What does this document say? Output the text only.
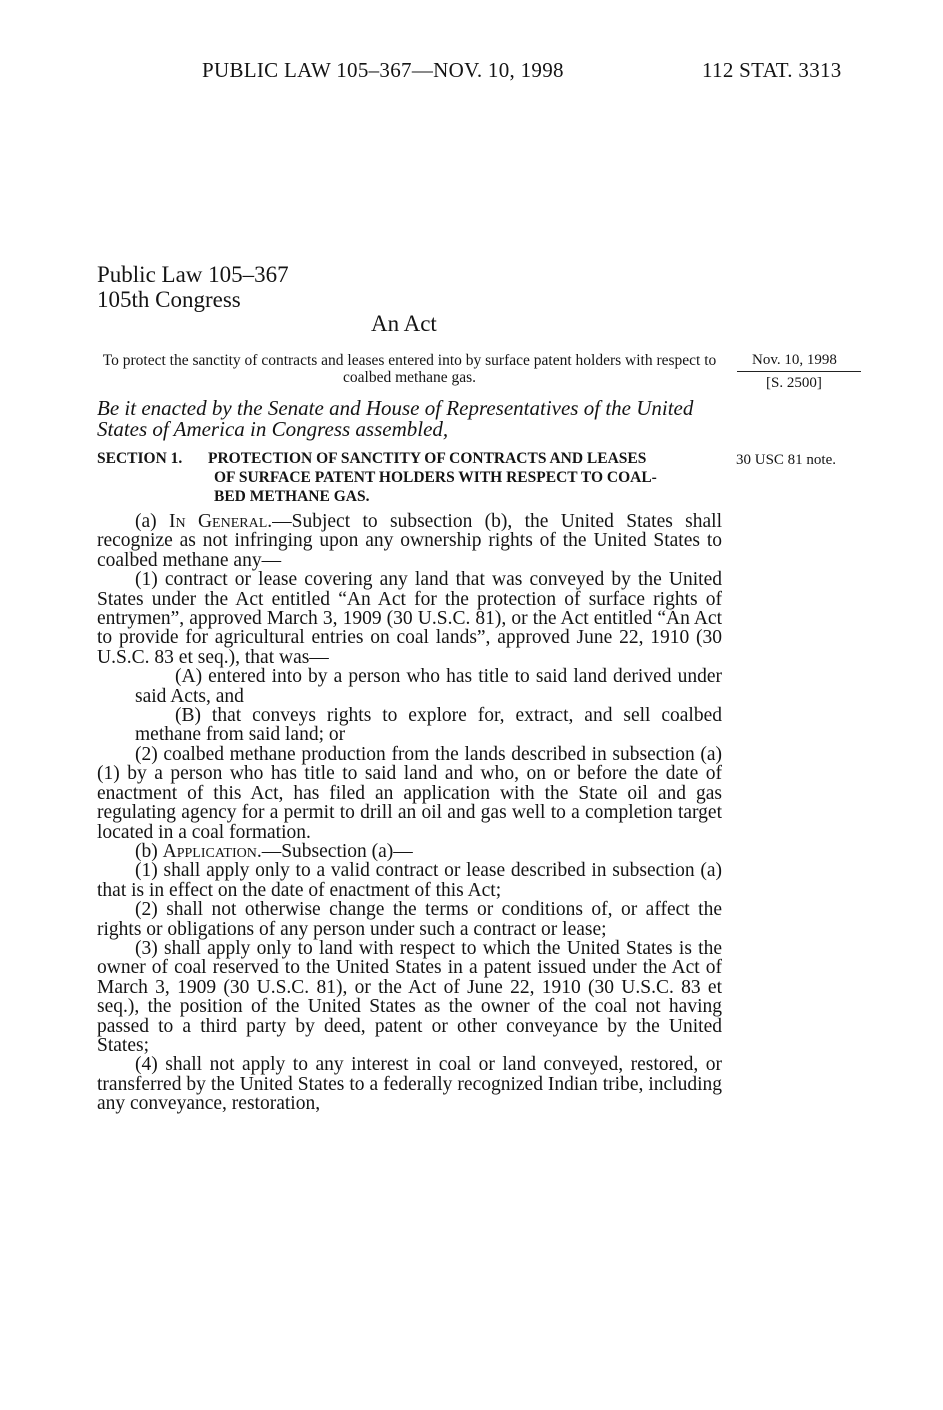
PUBLIC LAW 105–367—NOV. 10, 1998	112 STAT. 3313
Public Law 105–367
105th Congress
An Act
To protect the sanctity of contracts and leases entered into by surface patent holders with respect to coalbed methane gas.
Nov. 10, 1998
[S. 2500]
30 USC 81 note.
Be it enacted by the Senate and House of Representatives of the United States of America in Congress assembled,
SECTION 1. PROTECTION OF SANCTITY OF CONTRACTS AND LEASES
OF SURFACE PATENT HOLDERS WITH RESPECT TO COAL-
BED METHANE GAS.

(a) In General.—Subject to subsection (b), the United States shall recognize as not infringing upon any ownership rights of the United States to coalbed methane any—

(1) contract or lease covering any land that was conveyed by the United States under the Act entitled “An Act for the protection of surface rights of entrymen”, approved March 3, 1909 (30 U.S.C. 81), or the Act entitled “An Act to provide for agricultural entries on coal lands”, approved June 22, 1910 (30 U.S.C. 83 et seq.), that was—

(A) entered into by a person who has title to said land derived under said Acts, and

(B) that conveys rights to explore for, extract, and sell coalbed methane from said land; or

(2) coalbed methane production from the lands described in subsection (a)(1) by a person who has title to said land and who, on or before the date of enactment of this Act, has filed an application with the State oil and gas regulating agency for a permit to drill an oil and gas well to a completion target located in a coal formation.

(b) Application.—Subsection (a)—

(1) shall apply only to a valid contract or lease described in subsection (a) that is in effect on the date of enactment of this Act;

(2) shall not otherwise change the terms or conditions of, or affect the rights or obligations of any person under such a contract or lease;

(3) shall apply only to land with respect to which the United States is the owner of coal reserved to the United States in a patent issued under the Act of March 3, 1909 (30 U.S.C. 81), or the Act of June 22, 1910 (30 U.S.C. 83 et seq.), the position of the United States as the owner of the coal not having passed to a third party by deed, patent or other conveyance by the United States;

(4) shall not apply to any interest in coal or land conveyed, restored, or transferred by the United States to a federally recognized Indian tribe, including any conveyance, restoration,
